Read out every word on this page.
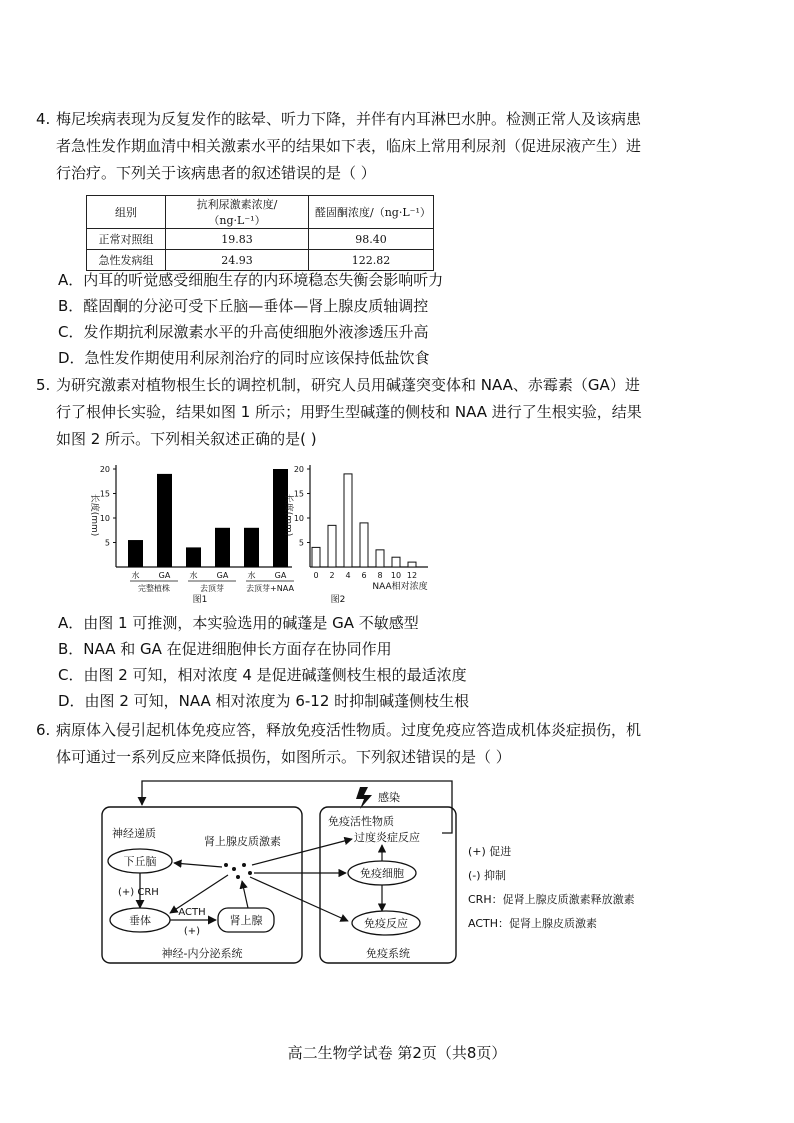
4. 梅尼埃病表现为反复发作的眩晕、听力下降，并伴有内耳淋巴水肿。检测正常人及该病患
者急性发作期血清中相关激素水平的结果如下表，临床上常用利尿剂（促进尿液产生）进
行治疗。下列关于该病患者的叙述错误的是（ ）
组别	抗利尿激素浓度/（ng·L⁻¹）	醛固酮浓度/（ng·L⁻¹）
正常对照组	19.83	98.40
急性发病组	24.93	122.82
A．内耳的听觉感受细胞生存的内环境稳态失衡会影响听力
B．醛固酮的分泌可受下丘脑—垂体—肾上腺皮质轴调控
C．发作期抗利尿激素水平的升高使细胞外液渗透压升高
D．急性发作期使用利尿剂治疗的同时应该保持低盐饮食
5. 为研究激素对植物根生长的调控机制，研究人员用碱蓬突变体和 NAA、赤霉素（GA）进
行了根伸长实验，结果如图 1 所示；用野生型碱蓬的侧枝和 NAA 进行了生根实验，结果
如图 2 所示。下列相关叙述正确的是( )
5
10
15
20
水 GA 水 GA 水 GA
完整植株	去顶芽	去顶芽+NAA
长度(mm)
图1
5
10
15
20
0 2 4 6 8 10 12
长度(mm)
NAA相对浓度
图2
A．由图 1 可推测，本实验选用的碱蓬是 GA 不敏感型
B．NAA 和 GA 在促进细胞伸长方面存在协同作用
C．由图 2 可知，相对浓度 4 是促进碱蓬侧枝生根的最适浓度
D．由图 2 可知，NAA 相对浓度为 6-12 时抑制碱蓬侧枝生根
6. 病原体入侵引起机体免疫应答，释放免疫活性物质。过度免疫应答造成机体炎症损伤，机
体可通过一系列反应来降低损伤，如图所示。下列叙述错误的是（ ）
感染
神经递质
肾上腺皮质激素
下丘脑
(+) CRH
垂体
ACTH
(+)
肾上腺
免疫活性物质
过度炎症反应
免疫细胞
免疫反应
神经-内分泌系统	免疫系统
(+) 促进
(-) 抑制
CRH：促肾上腺皮质激素释放激素
ACTH：促肾上腺皮质激素
高二生物学试卷 第2页（共8页）
